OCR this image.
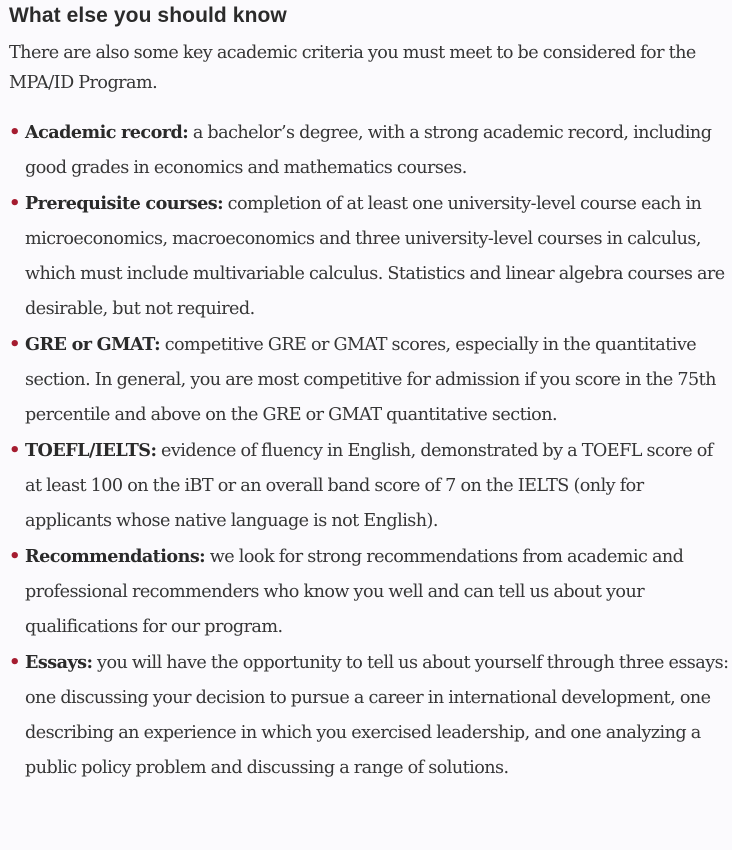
What else you should know

There are also some key academic criteria you must meet to be considered for the MPA/ID Program.

• Academic record: a bachelor’s degree, with a strong academic record, including good grades in economics and mathematics courses.
• Prerequisite courses: completion of at least one university-level course each in microeconomics, macroeconomics and three university-level courses in calculus, which must include multivariable calculus. Statistics and linear algebra courses are desirable, but not required.
• GRE or GMAT: competitive GRE or GMAT scores, especially in the quantitative section. In general, you are most competitive for admission if you score in the 75th percentile and above on the GRE or GMAT quantitative section.
• TOEFL/IELTS: evidence of fluency in English, demonstrated by a TOEFL score of at least 100 on the iBT or an overall band score of 7 on the IELTS (only for applicants whose native language is not English).
• Recommendations: we look for strong recommendations from academic and professional recommenders who know you well and can tell us about your qualifications for our program.
• Essays: you will have the opportunity to tell us about yourself through three essays: one discussing your decision to pursue a career in international development, one describing an experience in which you exercised leadership, and one analyzing a public policy problem and discussing a range of solutions.
